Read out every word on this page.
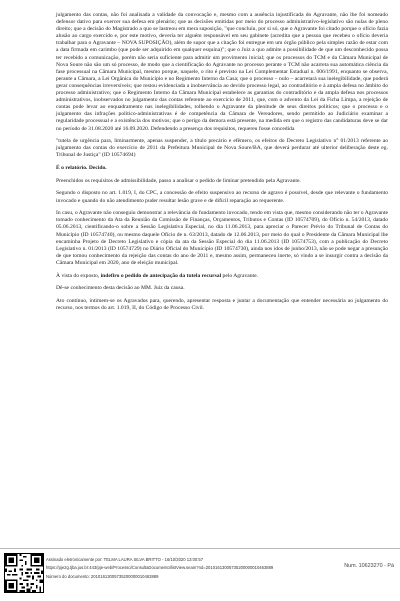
julgamento das contas, não foi analisada a validade da convocação e, mesmo com a ausência injustificada do Agravante, não lhe foi nomeado defensor dativo para exercer sua defesa em plenário; que as decisões emitidas por meio do processo administrativo-legislativo são nulas de pleno direito; que a decisão do Magistrado a quo se lastreou em mera suposição, "que concluiu, por si só, que o Agravante foi citado porque o ofício fazia alusão ao cargo exercido e, por este motivo, deveria ter alguém responsável em seu gabinete (acredita que a pessoa que recebeu o ofício deveria trabalhar para o Agravante – NOVA SUPOSIÇÃO), além de supor que a citação foi entregue em um órgão público pela simples razão de estar com a data firmada em carimbo (que pode ser adquirido em qualquer esquina)"; que o Juiz a quo admite a possibilidade de que um desconhecido possa ter recebido a comunicação, porém não seria suficiente para admitir um provimento inicial; que os processos do TCM e da Câmara Municipal de Nova Soure não são um só processo, de modo que a cientificação do Agravante no processo perante o TCM não acarreta sua automática ciência da fase processual na Câmara Municipal, mesmo porque, naquele, o rito é previsto na Lei Complementar Estadual n. 006/1991, enquanto se observa, perante a Câmara, a Lei Orgânica do Município e no Regimento Interno da Casa; que o processo – nulo – acarretará sua inelegibilidade, que poderá gerar consequências irreversíveis; que restou evidenciada a inobservância ao devido processo legal, ao contraditório e à ampla defesa no âmbito do processo administrativo; que o Regimento Interno da Câmara Municipal estabelece as garantias do contraditório e da ampla defesa nos processos administrativos, inobservados no julgamento das contas referente ao exercício de 2011, que, com o advento da Lei da Ficha Limpa, a rejeição de contas pode levar ao enquadramento nas inelegibilidades, tolhendo o Agravante da plenitude de seus direitos políticos; que o processo e o julgamento das infrações político-administrativas é de competência da Câmara de Vereadores, sendo permitido ao Judiciário examinar a regularidade processual e a existência dos motivos; que o perigo da demora está presente, na medida em que o registro das candidaturas deve se dar no período de 31.08.2020 até 16.09.2020. Defendendo a presença dos requisitos, requereu fosse concedida

"tutela de urgência para, liminarmente, apenas suspender, a título precário e efêmero, os efeitos do Decreto Legislativo n° 01/2013 referente ao julgamento das contas do exercício de 2011 da Prefeitura Municipal de Nova Soure/BA, que deverá perdurar até ulterior deliberação deste eg. Tribunal de Justiça" (ID 10574694)

É o relatório. Decido.

Preenchidos os requisitos de admissibilidade, passo a analisar o pedido de liminar pretendido pela Agravante.

Segundo o disposto no art. 1.019, I, do CPC, a concessão de efeito suspensivo ao recurso de agravo é possível, desde que relevante o fundamento invocado e quando do não atendimento puder resultar lesão grave e de difícil reparação ao requerente.

In casu, o Agravante não conseguiu demonstrar a relevância do fundamento invocado, tendo em vista que, mesmo considerando não ter o Agravante tomado conhecimento da Ata da Reunião da Comissão de Finanças, Orçamentos, Tributos e Contas (ID 10574709), do Ofício n. 54/2013, datado 05.06.2013, cientificando-o sobre a Sessão Legislativa Especial, no dia 11.06.2013, para apreciar o Parecer Prévio do Tribunal de Contas do Município (ID 10574740), ou mesmo daquele Ofício de n. 63/2013, datado de 12.06.2013, por meio do qual o Presidente da Câmara Municipal lhe encaminha Projeto de Decreto Legislativo e cópia da ata da Sessão Especial do dia 11.06.2013 (ID 10574753), com a publicação do Decreto Legislativo n. 01/2013 (ID 10574729) no Diário Oficial do Município (ID 10574730), ainda nos idos de junho/2013, não se pode negar a presunção de que tomou conhecimento da rejeição das contas do ano de 2011 e, mesmo assim, permaneceu inerte, só vindo a se insurgir contra a decisão da Câmara Municipal em 2020, ano de eleição municipal.

À vista do exposto, indefiro o pedido de antecipação da tutela recursal pelo Agravante.

Dê-se conhecimento desta decisão ao MM. Juiz da causa.

Ato contínuo, intimem-se os Agravados para, querendo, apresentar resposta e juntar a documentação que entender necessária ao julgamento do recurso, nos termos do art. 1.019, II, do Código de Processo Civil.

Assinado eletronicamente por: TELMA LAURA SILVA BRITTO - 16/10/2020 13:00:57
https://pje2g.tjba.jus.br:443/pje-web/Processo/ConsultaDocumento/listView.seam?nd=20101613005735200000010463889
Número do documento: 20101613005735200000010463889
Num. 10623270 - Pá
